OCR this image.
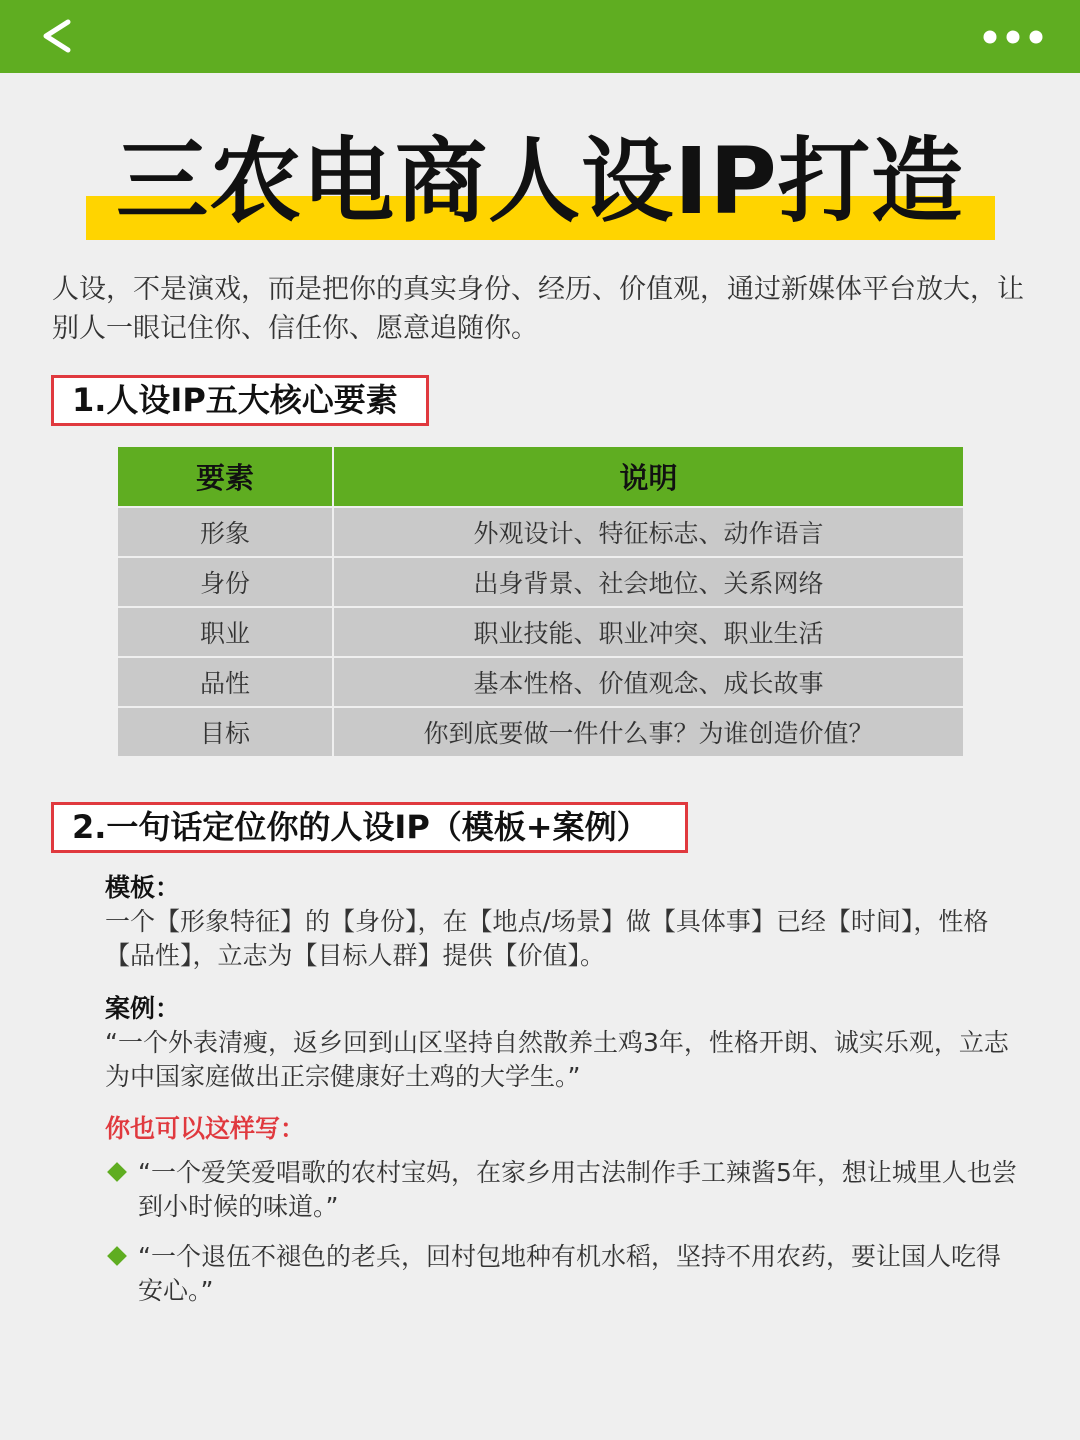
三农电商人设IP打造

人设，不是演戏，而是把你的真实身份、经历、价值观，通过新媒体平台放大，让别人一眼记住你、信任你、愿意追随你。

1.人设IP五大核心要素
要素	说明
形象	外观设计、特征标志、动作语言
身份	出身背景、社会地位、关系网络
职业	职业技能、职业冲突、职业生活
品性	基本性格、价值观念、成长故事
目标	你到底要做一件什么事？为谁创造价值？
2.一句话定位你的人设IP（模板+案例）
模板：
一个【形象特征】的【身份】，在【地点/场景】做【具体事】已经【时间】，性格【品性】，立志为【目标人群】提供【价值】。
案例：
“一个外表清瘦，返乡回到山区坚持自然散养土鸡3年，性格开朗、诚实乐观，立志为中国家庭做出正宗健康好土鸡的大学生。”
你也可以这样写：
“一个爱笑爱唱歌的农村宝妈，在家乡用古法制作手工辣酱5年，想让城里人也尝到小时候的味道。”
“一个退伍不褪色的老兵，回村包地种有机水稻，坚持不用农药，要让国人吃得安心。”
